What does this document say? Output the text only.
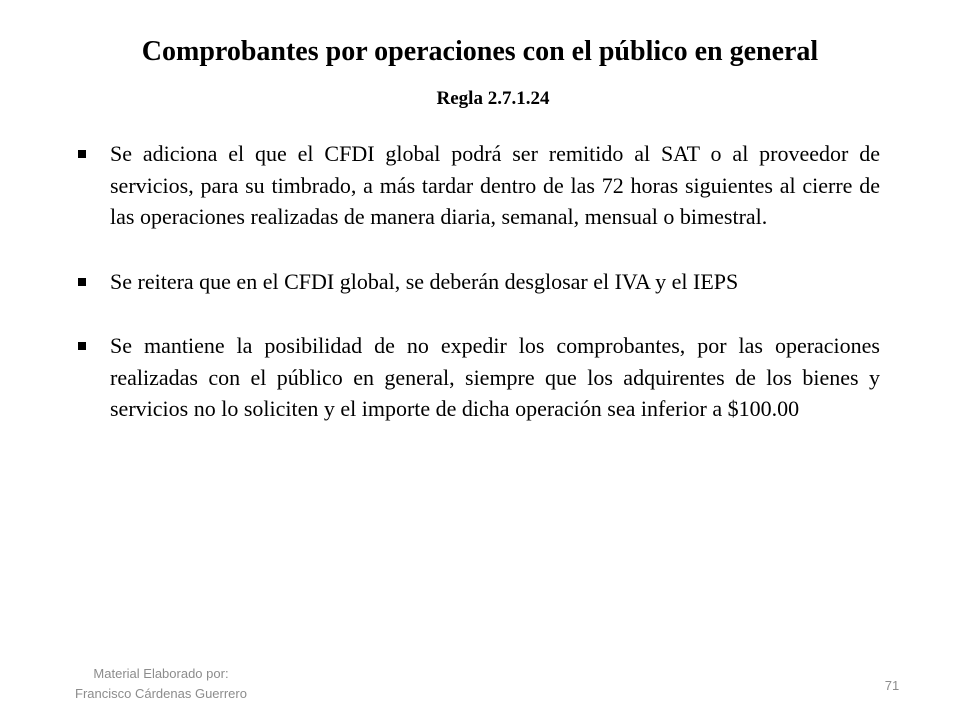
Comprobantes por operaciones con el público en general
Regla 2.7.1.24
Se adiciona el que el CFDI global podrá ser remitido al SAT o al proveedor de servicios, para su timbrado, a más tardar dentro de las 72 horas siguientes al cierre de las operaciones realizadas de manera diaria, semanal, mensual o bimestral.
Se reitera que en el CFDI global, se deberán desglosar el IVA y el IEPS
Se mantiene la posibilidad de no expedir los comprobantes, por las operaciones realizadas con el público en general, siempre que los adquirentes de los bienes y servicios no lo soliciten y el importe de dicha operación sea inferior a $100.00
Material Elaborado por:
Francisco Cárdenas Guerrero
71
